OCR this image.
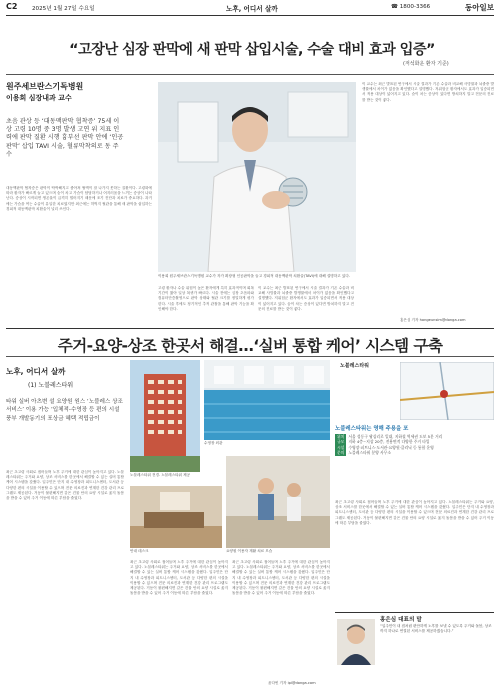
C2	2025년 1월 27일 수요일	노후, 어디서 살까	☎ 1800-3366	동아일보
“고장난 심장 판막에 새 판막 삽입시술, 수술 대비 효과 입증”
(저석화운 환자 기준)
원주세브란스기독병원
이용희 심장내과 교수
초음 관상 등 ‘대동맥판막 협착증’ 75세 이상 고령 10명 중 3명 발생 고연 위 지표 인력에 판막 질환 시행 흉부선 판막 안에 ‘인공판막’ 삽입 TAVI 시술, 혈류막착의로 동 주수
대동맥판막 협착증은 판막이 딱딱해지고 좁아져 혈액이 잘 나가지 못하는 질환이다. 고령화에 따라 환자가 빠르게 늘고 있으며 숨이 차고 가슴이 답답하거나 어지러움을 느끼는 증상이 나타난다. 증상이 시작되면 생존율이 급격히 떨어지기 때문에 조기 진단과 치료가 중요하다. 과거에는 가슴을 여는 수술이 유일한 치료였지만 최근에는 허벅지 혈관을 통해 새 판막을 삽입하는 경피적 대동맥판막 치환술이 널리 쓰인다.
이용희 원주세브란스기독병원 교수가 자가 확장형 인공판막을 들고 경피적 대동맥판막 치환술(TAVI)에 대해 설명하고 있다.
고령 환자나 수술 위험이 높은 환자에게 특히 효과적이며 회복 기간이 짧아 일상 복귀가 빠르다. 시술 전에는 심장 초음파와 컴퓨터단층촬영으로 판막 상태와 혈관 크기를 정밀하게 평가한다. 시술 후에도 정기적인 추적 관찰을 통해 판막 기능을 확인해야 한다.
이 교수는 최근 발표된 연구에서 시술 결과가 기존 수술과 비교해 사망률과 뇌졸중 발생률에서 차이가 없음을 확인했다고 설명했다. 저위험군 환자에서도 효과가 입증되면서 적용 대상이 넓어지고 있다. 숨이 차는 증상이 있다면 방치하지 말고 전문의 진료를 받는 것이 좋다.
이 교수는 최근 발표된 연구에서 시술 결과가 기존 수술과 비교해 사망률과 뇌졸중 발생률에서 차이가 없음을 확인했다고 설명했다. 저위험군 환자에서도 효과가 입증되면서 적용 대상이 넓어지고 있다. 숨이 차는 증상이 있다면 방치하지 말고 전문의 진료를 받는 것이 좋다.
홍은심 기자 hongeunsim@donga.com
주거-요양-상조 한곳서 해결…‘실버 통합 케어’ 시스템 구축
노후, 어디서 살까
(1) 노블레스타워
타워 실버 아츠변 설 요양원 원스 ‘노블레스 상조 서비스’ 이용 가능 ‘입체적-수영장 등 편의 시설 풍부 개발동기의 포상금 혜택 적립금이
최근 초고령 사회로 접어들며 노후 주거에 대한 관심이 높아지고 있다. 노블레스타워는 주거와 요양, 상조 서비스를 한곳에서 해결할 수 있는 실버 통합 케어 시스템을 갖췄다. 입주민은 단지 내 수영장과 피트니스센터, 도서관 등 다양한 편의 시설을 이용할 수 있으며 전문 의료진과 연계한 건강 관리 프로그램도 제공된다. 거동이 불편해지면 같은 건물 안의 요양 시설로 옮겨 돌봄을 받을 수 있어 주거 이동에 따른 부담을 줄였다.
노블레스타워 전경. 노블레스타워 제공
수영장 외관
안내 데스크	요양원 이용자 재활 치료 모습
최근 초고령 사회로 접어들며 노후 주거에 대한 관심이 높아지고 있다. 노블레스타워는 주거와 요양, 상조 서비스를 한곳에서 해결할 수 있는 실버 통합 케어 시스템을 갖췄다. 입주민은 단지 내 수영장과 피트니스센터, 도서관 등 다양한 편의 시설을 이용할 수 있으며 전문 의료진과 연계한 건강 관리 프로그램도 제공된다. 거동이 불편해지면 같은 건물 안의 요양 시설로 옮겨 돌봄을 받을 수 있어 주거 이동에 따른 부담을 줄였다.
최근 초고령 사회로 접어들며 노후 주거에 대한 관심이 높아지고 있다. 노블레스타워는 주거와 요양, 상조 서비스를 한곳에서 해결할 수 있는 실버 통합 케어 시스템을 갖췄다. 입주민은 단지 내 수영장과 피트니스센터, 도서관 등 다양한 편의 시설을 이용할 수 있으며 전문 의료진과 연계한 건강 관리 프로그램도 제공된다. 거동이 불편해지면 같은 건물 안의 요양 시설로 옮겨 돌봄을 받을 수 있어 주거 이동에 따른 부담을 줄였다.
윤다빈 기자 ipi@donga.com
노블레스타워
노블레스타워는 영해 주용을 포
위치 서울 성동구 왕십리로 일대, 지하철 역세권 도보 5분 거리
규모 지하 4층~지상 20층, 전용면적 다양한 주거 타입
시설 수영장·피트니스·도서관·요양원·클리닉 등 통합 운영
문의 노블레스타워 분양 사무소
최근 초고령 사회로 접어들며 노후 주거에 대한 관심이 높아지고 있다. 노블레스타워는 주거와 요양, 상조 서비스를 한곳에서 해결할 수 있는 실버 통합 케어 시스템을 갖췄다. 입주민은 단지 내 수영장과 피트니스센터, 도서관 등 다양한 편의 시설을 이용할 수 있으며 전문 의료진과 연계한 건강 관리 프로그램도 제공된다. 거동이 불편해지면 같은 건물 안의 요양 시설로 옮겨 돌봄을 받을 수 있어 주거 이동에 따른 부담을 줄였다.
홍은심 대표의 말
“입주민이 내 집처럼 편안하게 노후를 보낼 수 있도록 주거와 돌봄, 상조까지 하나로 연결된 서비스를 제공하겠습니다.”
